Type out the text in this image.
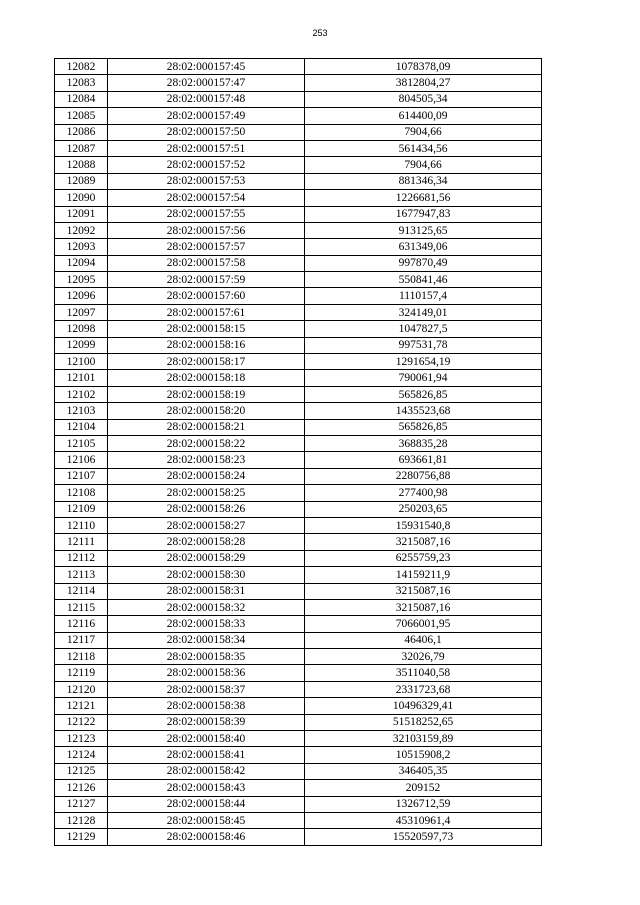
253
12082	28:02:000157:45	1078378,09
12083	28:02:000157:47	3812804,27
12084	28:02:000157:48	804505,34
12085	28:02:000157:49	614400,09
12086	28:02:000157:50	7904,66
12087	28:02:000157:51	561434,56
12088	28:02:000157:52	7904,66
12089	28:02:000157:53	881346,34
12090	28:02:000157:54	1226681,56
12091	28:02:000157:55	1677947,83
12092	28:02:000157:56	913125,65
12093	28:02:000157:57	631349,06
12094	28:02:000157:58	997870,49
12095	28:02:000157:59	550841,46
12096	28:02:000157:60	1110157,4
12097	28:02:000157:61	324149,01
12098	28:02:000158:15	1047827,5
12099	28:02:000158:16	997531,78
12100	28:02:000158:17	1291654,19
12101	28:02:000158:18	790061,94
12102	28:02:000158:19	565826,85
12103	28:02:000158:20	1435523,68
12104	28:02:000158:21	565826,85
12105	28:02:000158:22	368835,28
12106	28:02:000158:23	693661,81
12107	28:02:000158:24	2280756,88
12108	28:02:000158:25	277400,98
12109	28:02:000158:26	250203,65
12110	28:02:000158:27	15931540,8
12111	28:02:000158:28	3215087,16
12112	28:02:000158:29	6255759,23
12113	28:02:000158:30	14159211,9
12114	28:02:000158:31	3215087,16
12115	28:02:000158:32	3215087,16
12116	28:02:000158:33	7066001,95
12117	28:02:000158:34	46406,1
12118	28:02:000158:35	32026,79
12119	28:02:000158:36	3511040,58
12120	28:02:000158:37	2331723,68
12121	28:02:000158:38	10496329,41
12122	28:02:000158:39	51518252,65
12123	28:02:000158:40	32103159,89
12124	28:02:000158:41	10515908,2
12125	28:02:000158:42	346405,35
12126	28:02:000158:43	209152
12127	28:02:000158:44	1326712,59
12128	28:02:000158:45	45310961,4
12129	28:02:000158:46	15520597,73
